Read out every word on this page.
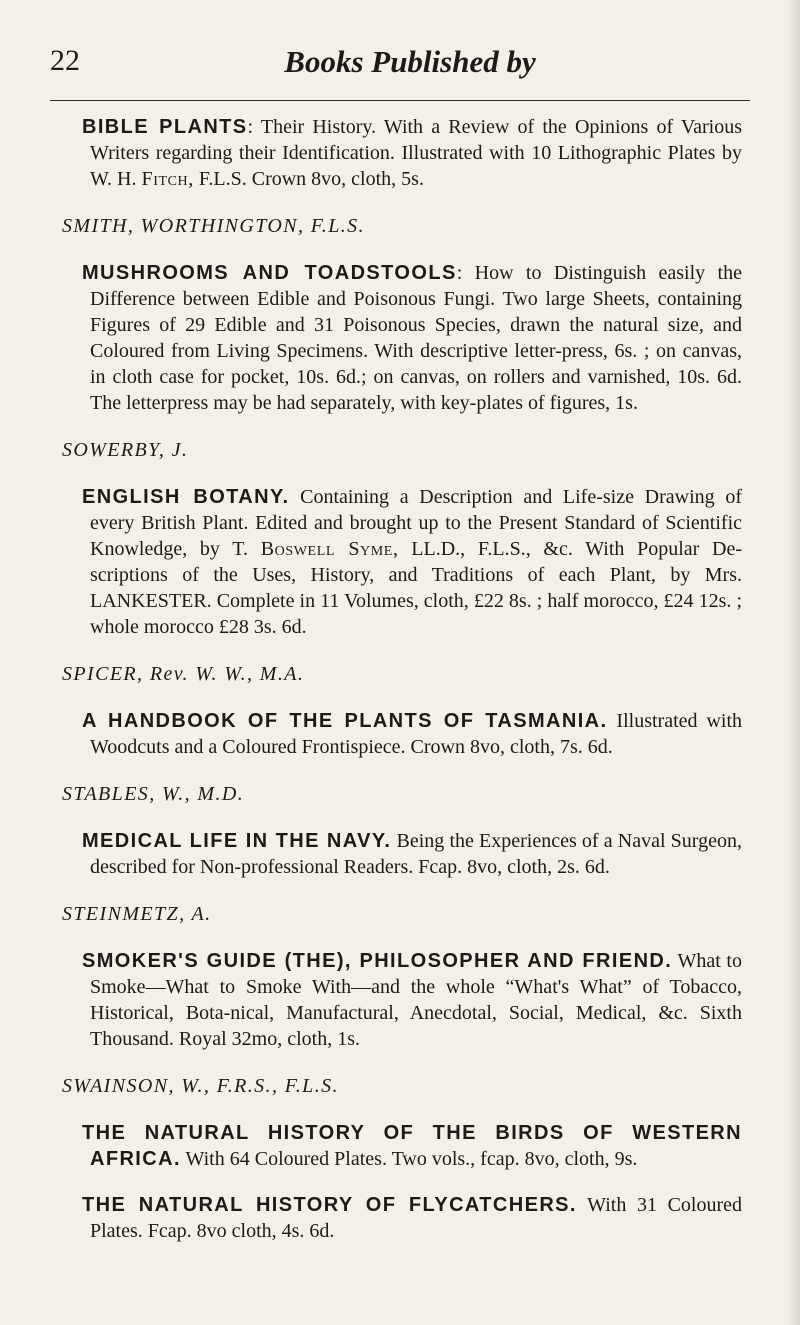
22	Books Published by

BIBLE PLANTS: Their History. With a Review of the Opinions of Various Writers regarding their Identification. Illustrated with 10 Lithographic Plates by W. H. Fitch, F.L.S. Crown 8vo, cloth, 5s.

SMITH, WORTHINGTON, F.L.S.

MUSHROOMS AND TOADSTOOLS: How to Distinguish easily the Difference between Edible and Poisonous Fungi. Two large Sheets, containing Figures of 29 Edible and 31 Poisonous Species, drawn the natural size, and Coloured from Living Specimens. With descriptive letter-press, 6s. ; on canvas, in cloth case for pocket, 10s. 6d.; on canvas, on rollers and varnished, 10s. 6d. The letterpress may be had separately, with key-plates of figures, 1s.

SOWERBY, J.

ENGLISH BOTANY. Containing a Description and Life-size Drawing of every British Plant. Edited and brought up to the Present Standard of Scientific Knowledge, by T. Boswell Syme, LL.D., F.L.S., &c. With Popular De-scriptions of the Uses, History, and Traditions of each Plant, by Mrs. LANKESTER. Complete in 11 Volumes, cloth, £22 8s. ; half morocco, £24 12s. ; whole morocco £28 3s. 6d.

SPICER, Rev. W. W., M.A.

A HANDBOOK OF THE PLANTS OF TASMANIA. Illustrated with Woodcuts and a Coloured Frontispiece. Crown 8vo, cloth, 7s. 6d.

STABLES, W., M.D.

MEDICAL LIFE IN THE NAVY. Being the Experiences of a Naval Surgeon, described for Non-professional Readers. Fcap. 8vo, cloth, 2s. 6d.

STEINMETZ, A.

SMOKER'S GUIDE (THE), PHILOSOPHER AND FRIEND. What to Smoke—What to Smoke With—and the whole “What's What” of Tobacco, Historical, Bota-nical, Manufactural, Anecdotal, Social, Medical, &c. Sixth Thousand. Royal 32mo, cloth, 1s.

SWAINSON, W., F.R.S., F.L.S.

THE NATURAL HISTORY OF THE BIRDS OF WESTERN AFRICA. With 64 Coloured Plates. Two vols., fcap. 8vo, cloth, 9s.

THE NATURAL HISTORY OF FLYCATCHERS. With 31 Coloured Plates. Fcap. 8vo cloth, 4s. 6d.
